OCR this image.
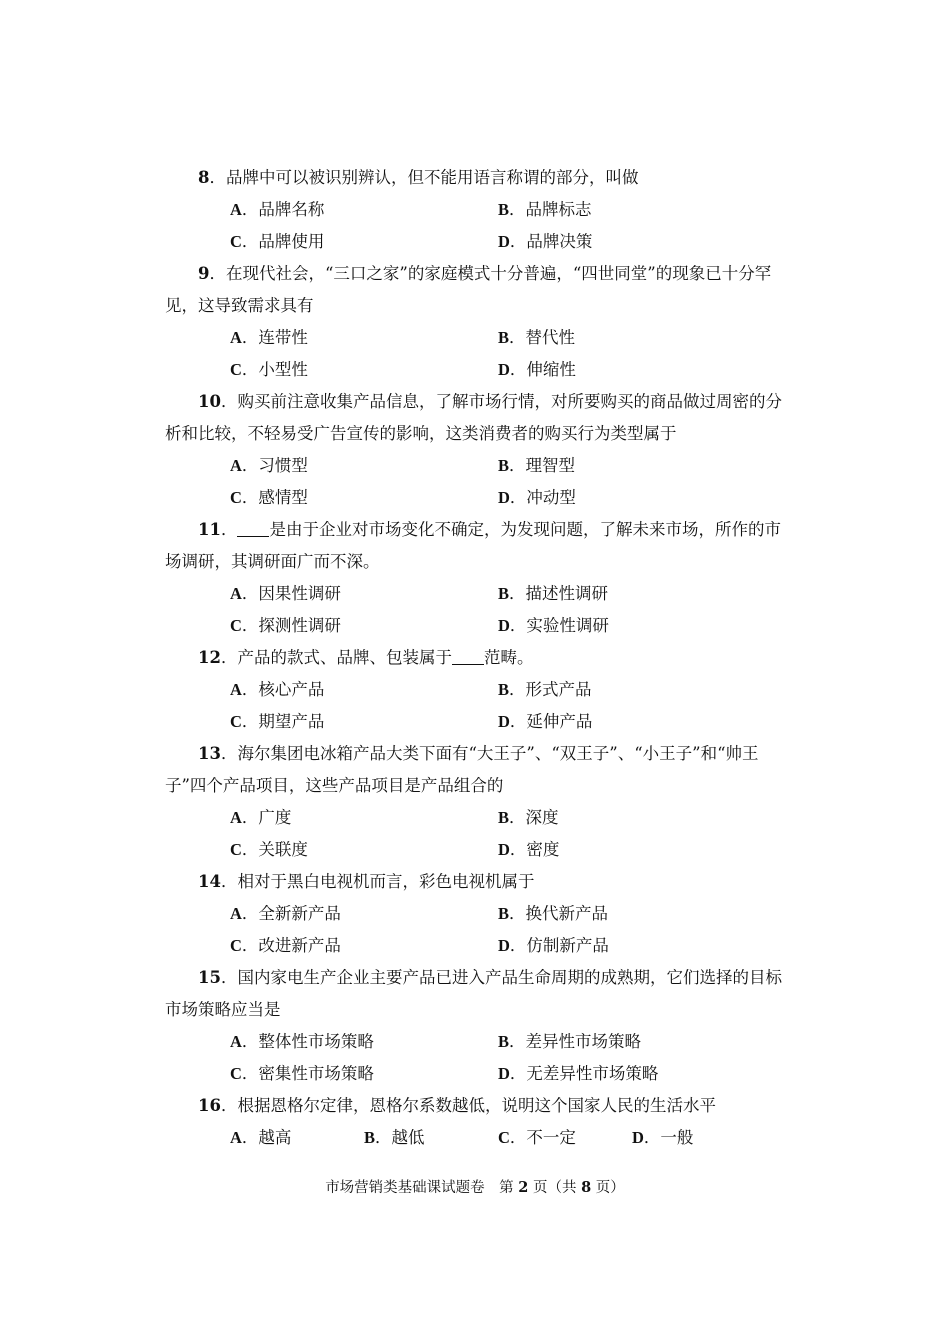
8．品牌中可以被识别辨认，但不能用语言称谓的部分，叫做
A．品牌名称	B．品牌标志
C．品牌使用	D．品牌决策
9．在现代社会，“三口之家”的家庭模式十分普遍，“四世同堂”的现象已十分罕见，这导致需求具有
A．连带性	B．替代性
C．小型性	D．伸缩性
10．购买前注意收集产品信息，了解市场行情，对所要购买的商品做过周密的分析和比较，不轻易受广告宣传的影响，这类消费者的购买行为类型属于
A．习惯型	B．理智型
C．感情型	D．冲动型
11． 是由于企业对市场变化不确定，为发现问题，了解未来市场，所作的市场调研，其调研面广而不深。
A．因果性调研	B．描述性调研
C．探测性调研	D．实验性调研
12．产品的款式、品牌、包装属于 范畴。
A．核心产品	B．形式产品
C．期望产品	D．延伸产品
13．海尔集团电冰箱产品大类下面有“大王子”、“双王子”、“小王子”和“帅王子”四个产品项目，这些产品项目是产品组合的
A．广度	B．深度
C．关联度	D．密度
14．相对于黑白电视机而言，彩色电视机属于
A．全新新产品	B．换代新产品
C．改进新产品	D．仿制新产品
15．国内家电生产企业主要产品已进入产品生命周期的成熟期，它们选择的目标市场策略应当是
A．整体性市场策略	B．差异性市场策略
C．密集性市场策略	D．无差异性市场策略
16．根据恩格尔定律，恩格尔系数越低，说明这个国家人民的生活水平
A．越高	B．越低	C．不一定	D．一般
市场营销类基础课试题卷　第 2 页（共 8 页）
